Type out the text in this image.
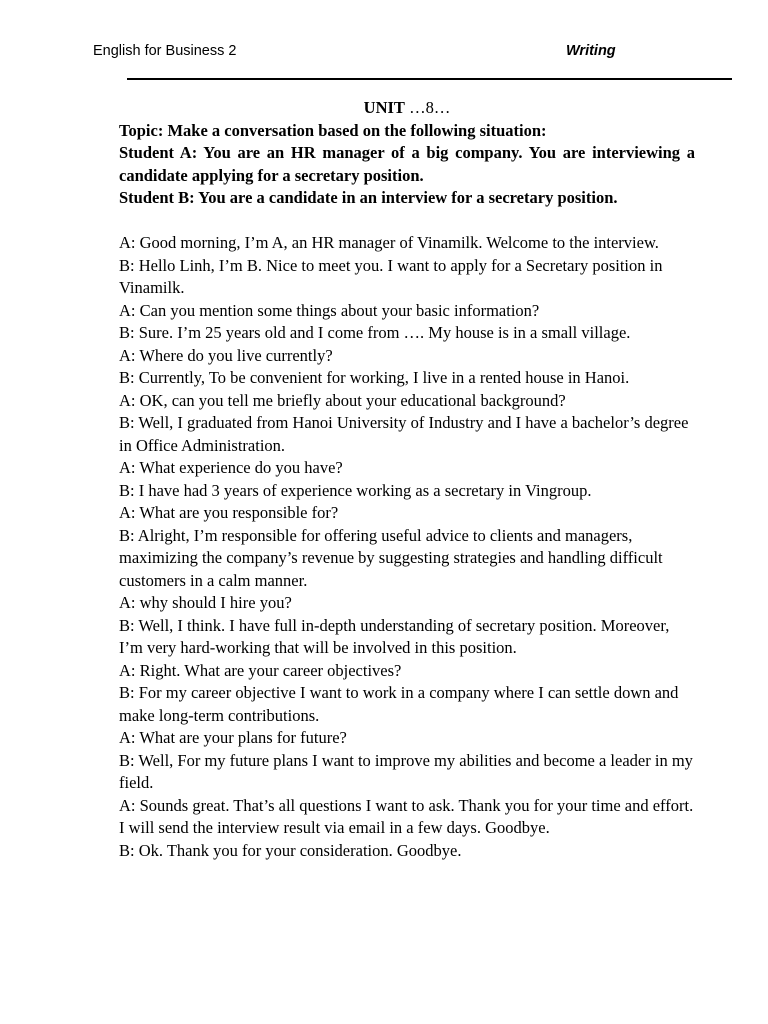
English for Business 2	Writing

UNIT …8…

Topic: Make a conversation based on the following situation:

Student A: You are an HR manager of a big company. You are interviewing a candidate applying for a secretary position.

Student B: You are a candidate in an interview for a secretary position.

A: Good morning, I’m A, an HR manager of Vinamilk. Welcome to the interview.

B: Hello Linh, I’m B. Nice to meet you. I want to apply for a Secretary position in Vinamilk.

A: Can you mention some things about your basic information?

B: Sure. I’m 25 years old and I come from …. My house is in a small village.

A: Where do you live currently?

B: Currently, To be convenient for working, I live in a rented house in Hanoi.

A: OK, can you tell me briefly about your educational background?

B: Well, I graduated from Hanoi University of Industry and I have a bachelor’s degree in Office Administration.

A: What experience do you have?

B: I have had 3 years of experience working as a secretary in Vingroup.

A: What are you responsible for?

B: Alright, I’m responsible for offering useful advice to clients and managers, maximizing the company’s revenue by suggesting strategies and handling difficult customers in a calm manner.

A: why should I hire you?

B: Well, I think. I have full in-depth understanding of secretary position. Moreover, I’m very hard-working that will be involved in this position.

A: Right. What are your career objectives?

B: For my career objective I want to work in a company where I can settle down and make long-term contributions.

A: What are your plans for future?

B: Well, For my future plans I want to improve my abilities and become a leader in my field.

A: Sounds great. That’s all questions I want to ask. Thank you for your time and effort. I will send the interview result via email in a few days. Goodbye.

B: Ok. Thank you for your consideration. Goodbye.
